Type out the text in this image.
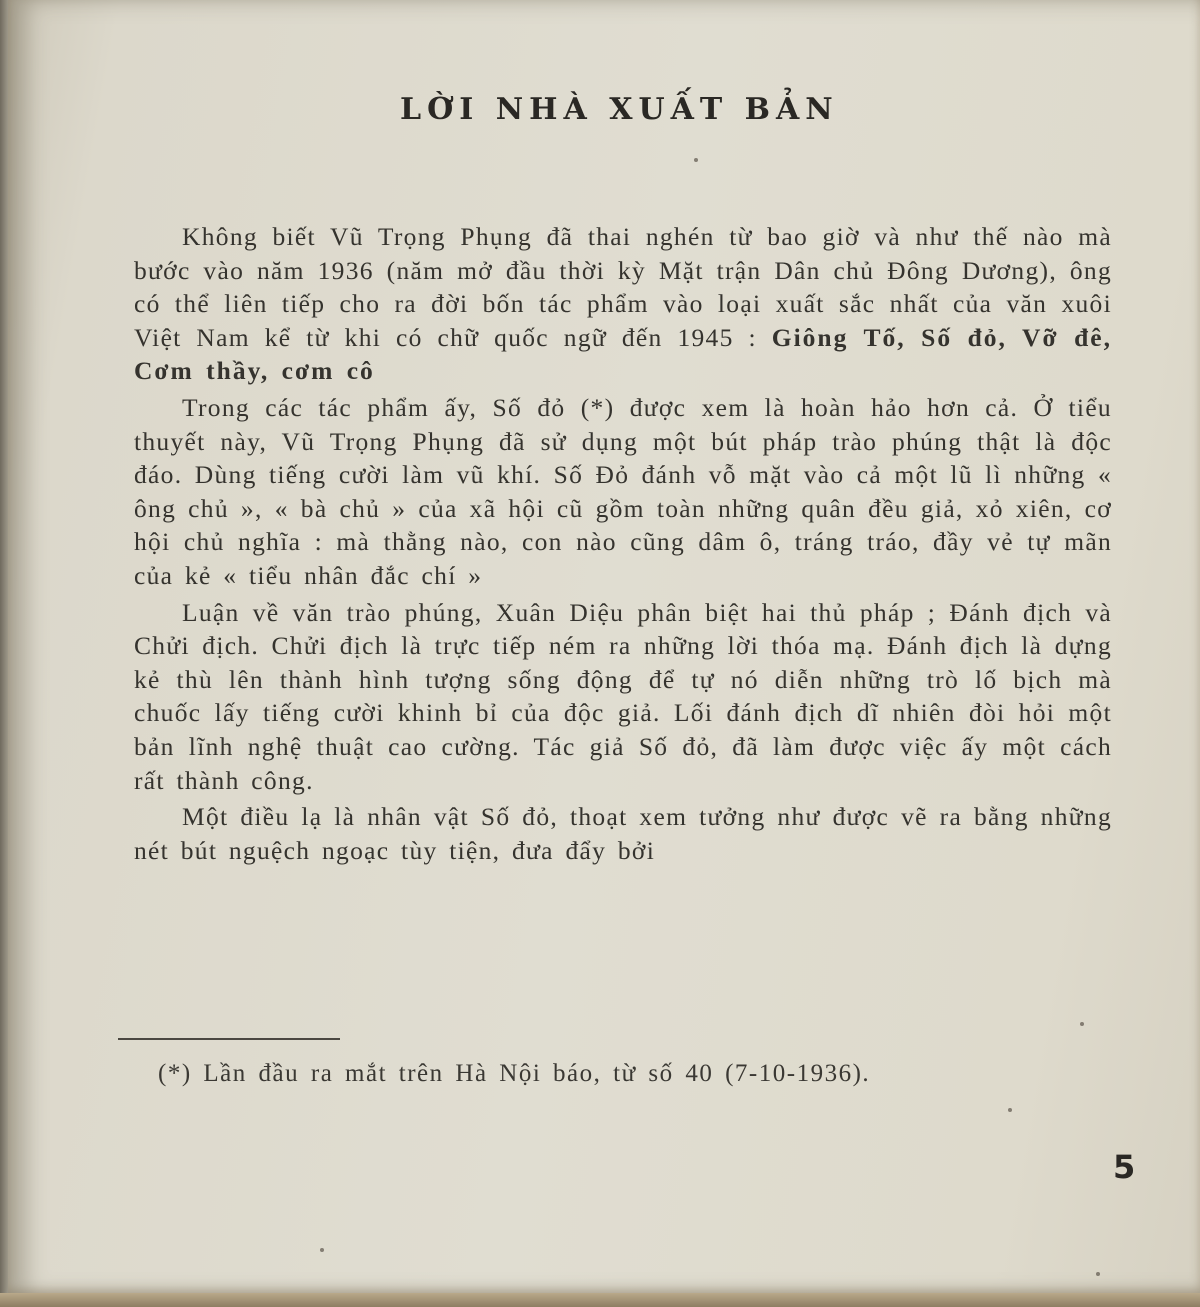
LỜI NHÀ XUẤT BẢN

Không biết Vũ Trọng Phụng đã thai nghén từ bao giờ và như thế nào mà bước vào năm 1936 (năm mở đầu thời kỳ Mặt trận Dân chủ Đông Dương), ông có thể liên tiếp cho ra đời bốn tác phẩm vào loại xuất sắc nhất của văn xuôi Việt Nam kể từ khi có chữ quốc ngữ đến 1945 : Giông Tố, Số đỏ, Vỡ đê, Cơm thầy, cơm cô

Trong các tác phẩm ấy, Số đỏ (*) được xem là hoàn hảo hơn cả. Ở tiểu thuyết này, Vũ Trọng Phụng đã sử dụng một bút pháp trào phúng thật là độc đáo. Dùng tiếng cười làm vũ khí. Số Đỏ đánh vỗ mặt vào cả một lũ lì những « ông chủ », « bà chủ » của xã hội cũ gồm toàn những quân đều giả, xỏ xiên, cơ hội chủ nghĩa : mà thằng nào, con nào cũng dâm ô, tráng tráo, đầy vẻ tự mãn của kẻ « tiểu nhân đắc chí »

Luận về văn trào phúng, Xuân Diệu phân biệt hai thủ pháp ; Đánh địch và Chửi địch. Chửi địch là trực tiếp ném ra những lời thóa mạ. Đánh địch là dựng kẻ thù lên thành hình tượng sống động để tự nó diễn những trò lố bịch mà chuốc lấy tiếng cười khinh bỉ của độc giả. Lối đánh địch dĩ nhiên đòi hỏi một bản lĩnh nghệ thuật cao cường. Tác giả Số đỏ, đã làm được việc ấy một cách rất thành công.

Một điều lạ là nhân vật Số đỏ, thoạt xem tưởng như được vẽ ra bằng những nét bút nguệch ngoạc tùy tiện, đưa đẩy bởi

(*) Lần đầu ra mắt trên Hà Nội báo, từ số 40 (7-10-1936).
5
